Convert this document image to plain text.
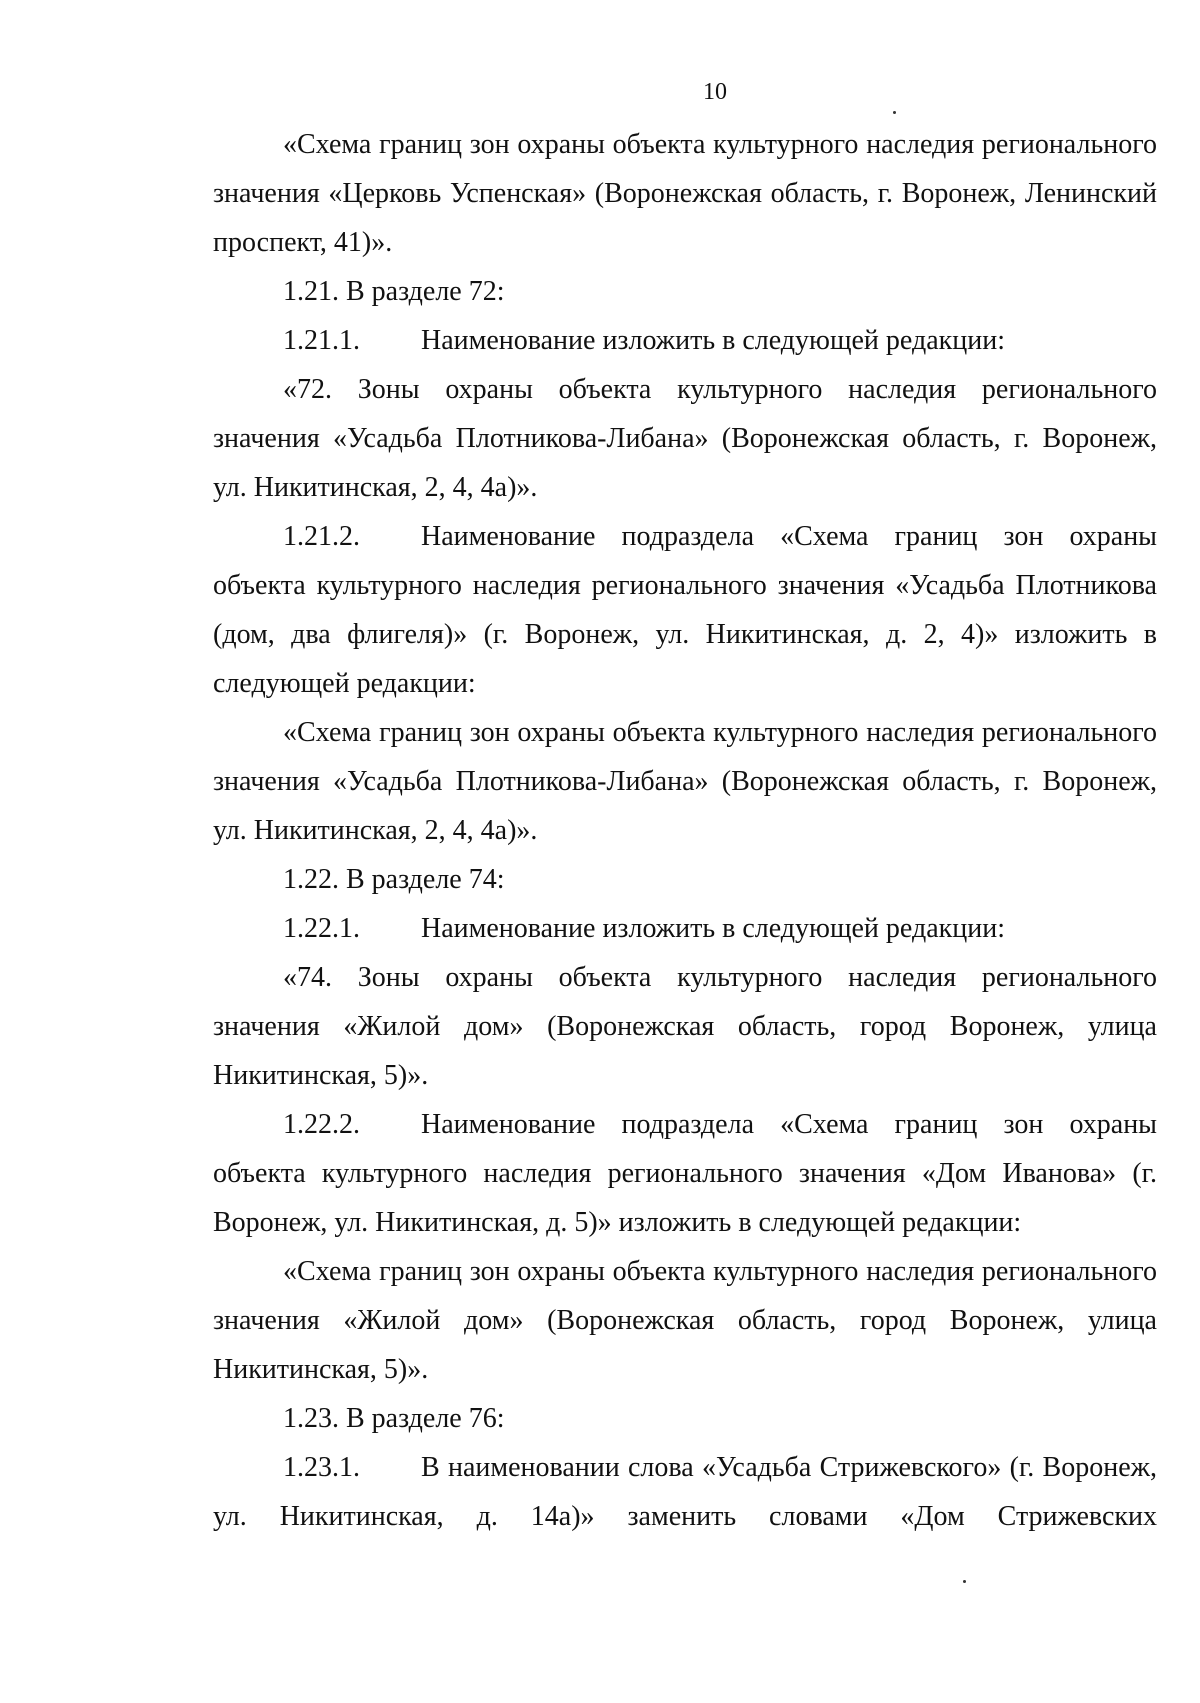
10

«Схема границ зон охраны объекта культурного наследия регионального значения «Церковь Успенская» (Воронежская область, г. Воронеж, Ленинский проспект, 41)».

1.21. В разделе 72:

1.21.1. Наименование изложить в следующей редакции:

«72. Зоны охраны объекта культурного наследия регионального значения «Усадьба Плотникова-Либана» (Воронежская область, г. Воронеж, ул. Никитинская, 2, 4, 4а)».

1.21.2. Наименование подраздела «Схема границ зон охраны объекта культурного наследия регионального значения «Усадьба Плотникова (дом, два флигеля)» (г. Воронеж, ул. Никитинская, д. 2, 4)» изложить в следующей редакции:

«Схема границ зон охраны объекта культурного наследия регионального значения «Усадьба Плотникова-Либана» (Воронежская область, г. Воронеж, ул. Никитинская, 2, 4, 4а)».

1.22. В разделе 74:

1.22.1. Наименование изложить в следующей редакции:

«74. Зоны охраны объекта культурного наследия регионального значения «Жилой дом» (Воронежская область, город Воронеж, улица Никитинская, 5)».

1.22.2. Наименование подраздела «Схема границ зон охраны объекта культурного наследия регионального значения «Дом Иванова» (г. Воронеж, ул. Никитинская, д. 5)» изложить в следующей редакции:

«Схема границ зон охраны объекта культурного наследия регионального значения «Жилой дом» (Воронежская область, город Воронеж, улица Никитинская, 5)».

1.23. В разделе 76:

1.23.1. В наименовании слова «Усадьба Стрижевского» (г. Воронеж, ул. Никитинская, д. 14а)» заменить словами «Дом Стрижевских
